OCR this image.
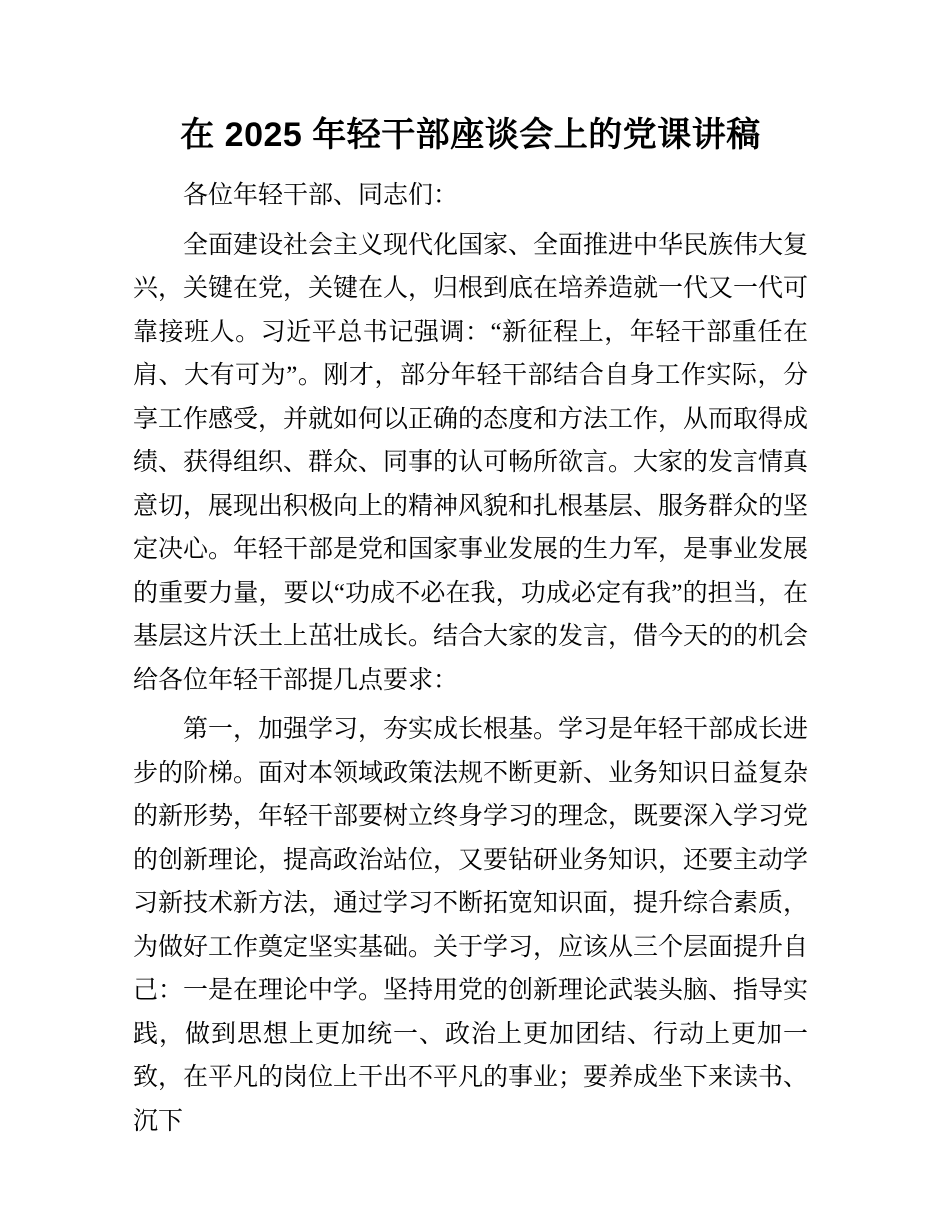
在 2025 年轻干部座谈会上的党课讲稿

各位年轻干部、同志们：

全面建设社会主义现代化国家、全面推进中华民族伟大复兴，关键在党，关键在人，归根到底在培养造就一代又一代可靠接班人。习近平总书记强调：“新征程上，年轻干部重任在肩、大有可为”。刚才，部分年轻干部结合自身工作实际，分享工作感受，并就如何以正确的态度和方法工作，从而取得成绩、获得组织、群众、同事的认可畅所欲言。大家的发言情真意切，展现出积极向上的精神风貌和扎根基层、服务群众的坚定决心。年轻干部是党和国家事业发展的生力军，是事业发展的重要力量，要以“功成不必在我，功成必定有我”的担当，在基层这片沃土上茁壮成长。结合大家的发言，借今天的的机会给各位年轻干部提几点要求：

第一，加强学习，夯实成长根基。学习是年轻干部成长进步的阶梯。面对本领域政策法规不断更新、业务知识日益复杂的新形势，年轻干部要树立终身学习的理念，既要深入学习党的创新理论，提高政治站位，又要钻研业务知识，还要主动学习新技术新方法，通过学习不断拓宽知识面，提升综合素质，为做好工作奠定坚实基础。关于学习，应该从三个层面提升自己：一是在理论中学。坚持用党的创新理论武装头脑、指导实践，做到思想上更加统一、政治上更加团结、行动上更加一致，在平凡的岗位上干出不平凡的事业；要养成坐下来读书、沉下
